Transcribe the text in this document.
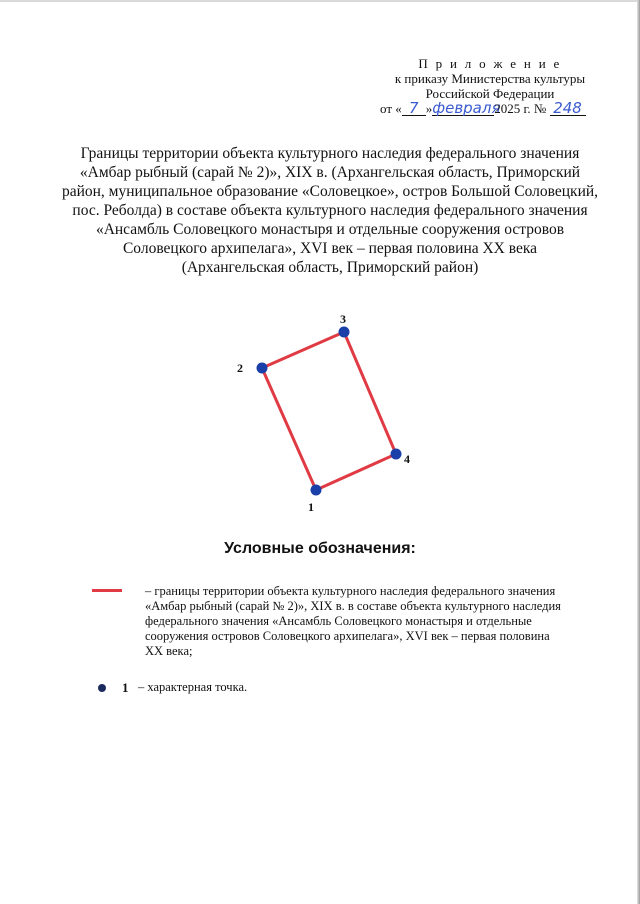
П р и л о ж е н и е
к приказу Министерства культуры
Российской Федерации
от « 7 »февраля2025 г. № 248
Границы территории объекта культурного наследия федерального значения
«Амбар рыбный (сарай № 2)», XIX в. (Архангельская область, Приморский
район, муниципальное образование «Соловецкое», остров Большой Соловецкий,
пос. Реболда) в составе объекта культурного наследия федерального значения
«Ансамбль Соловецкого монастыря и отдельные сооружения островов
Соловецкого архипелага», XVI век – первая половина XX века
(Архангельская область, Приморский район)
1
2
3
4
Условные обозначения:
– границы территории объекта культурного наследия федерального значения
«Амбар рыбный (сарай № 2)», XIX в. в составе объекта культурного наследия
федерального значения «Ансамбль Соловецкого монастыря и отдельные
сооружения островов Соловецкого архипелага», XVI век – первая половина
XX века;
1 – характерная точка.
